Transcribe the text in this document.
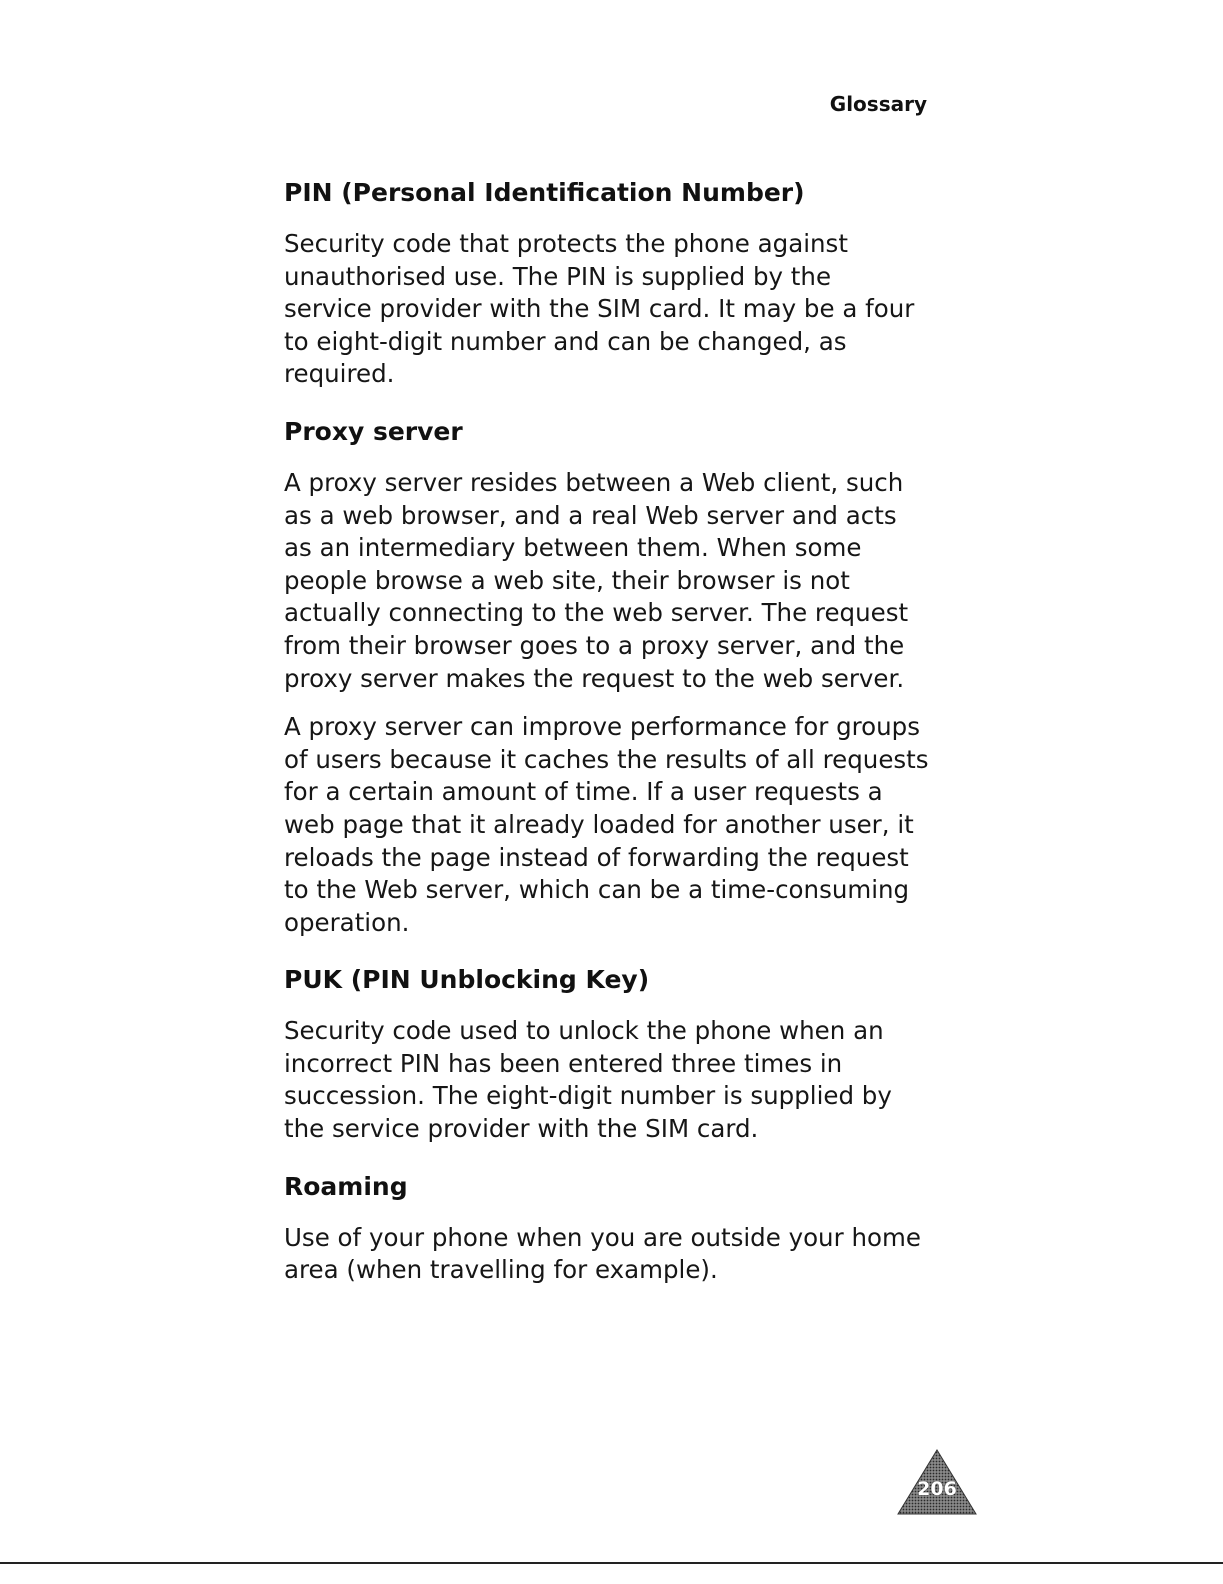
Glossary
PIN (Personal Identification Number)
Security code that protects the phone against
unauthorised use. The PIN is supplied by the
service provider with the SIM card. It may be a four
to eight-digit number and can be changed, as
required.
Proxy server
A proxy server resides between a Web client, such
as a web browser, and a real Web server and acts
as an intermediary between them. When some
people browse a web site, their browser is not
actually connecting to the web server. The request
from their browser goes to a proxy server, and the
proxy server makes the request to the web server.
A proxy server can improve performance for groups
of users because it caches the results of all requests
for a certain amount of time. If a user requests a
web page that it already loaded for another user, it
reloads the page instead of forwarding the request
to the Web server, which can be a time-consuming
operation.
PUK (PIN Unblocking Key)
Security code used to unlock the phone when an
incorrect PIN has been entered three times in
succession. The eight-digit number is supplied by
the service provider with the SIM card.
Roaming
Use of your phone when you are outside your home
area (when travelling for example).
206
